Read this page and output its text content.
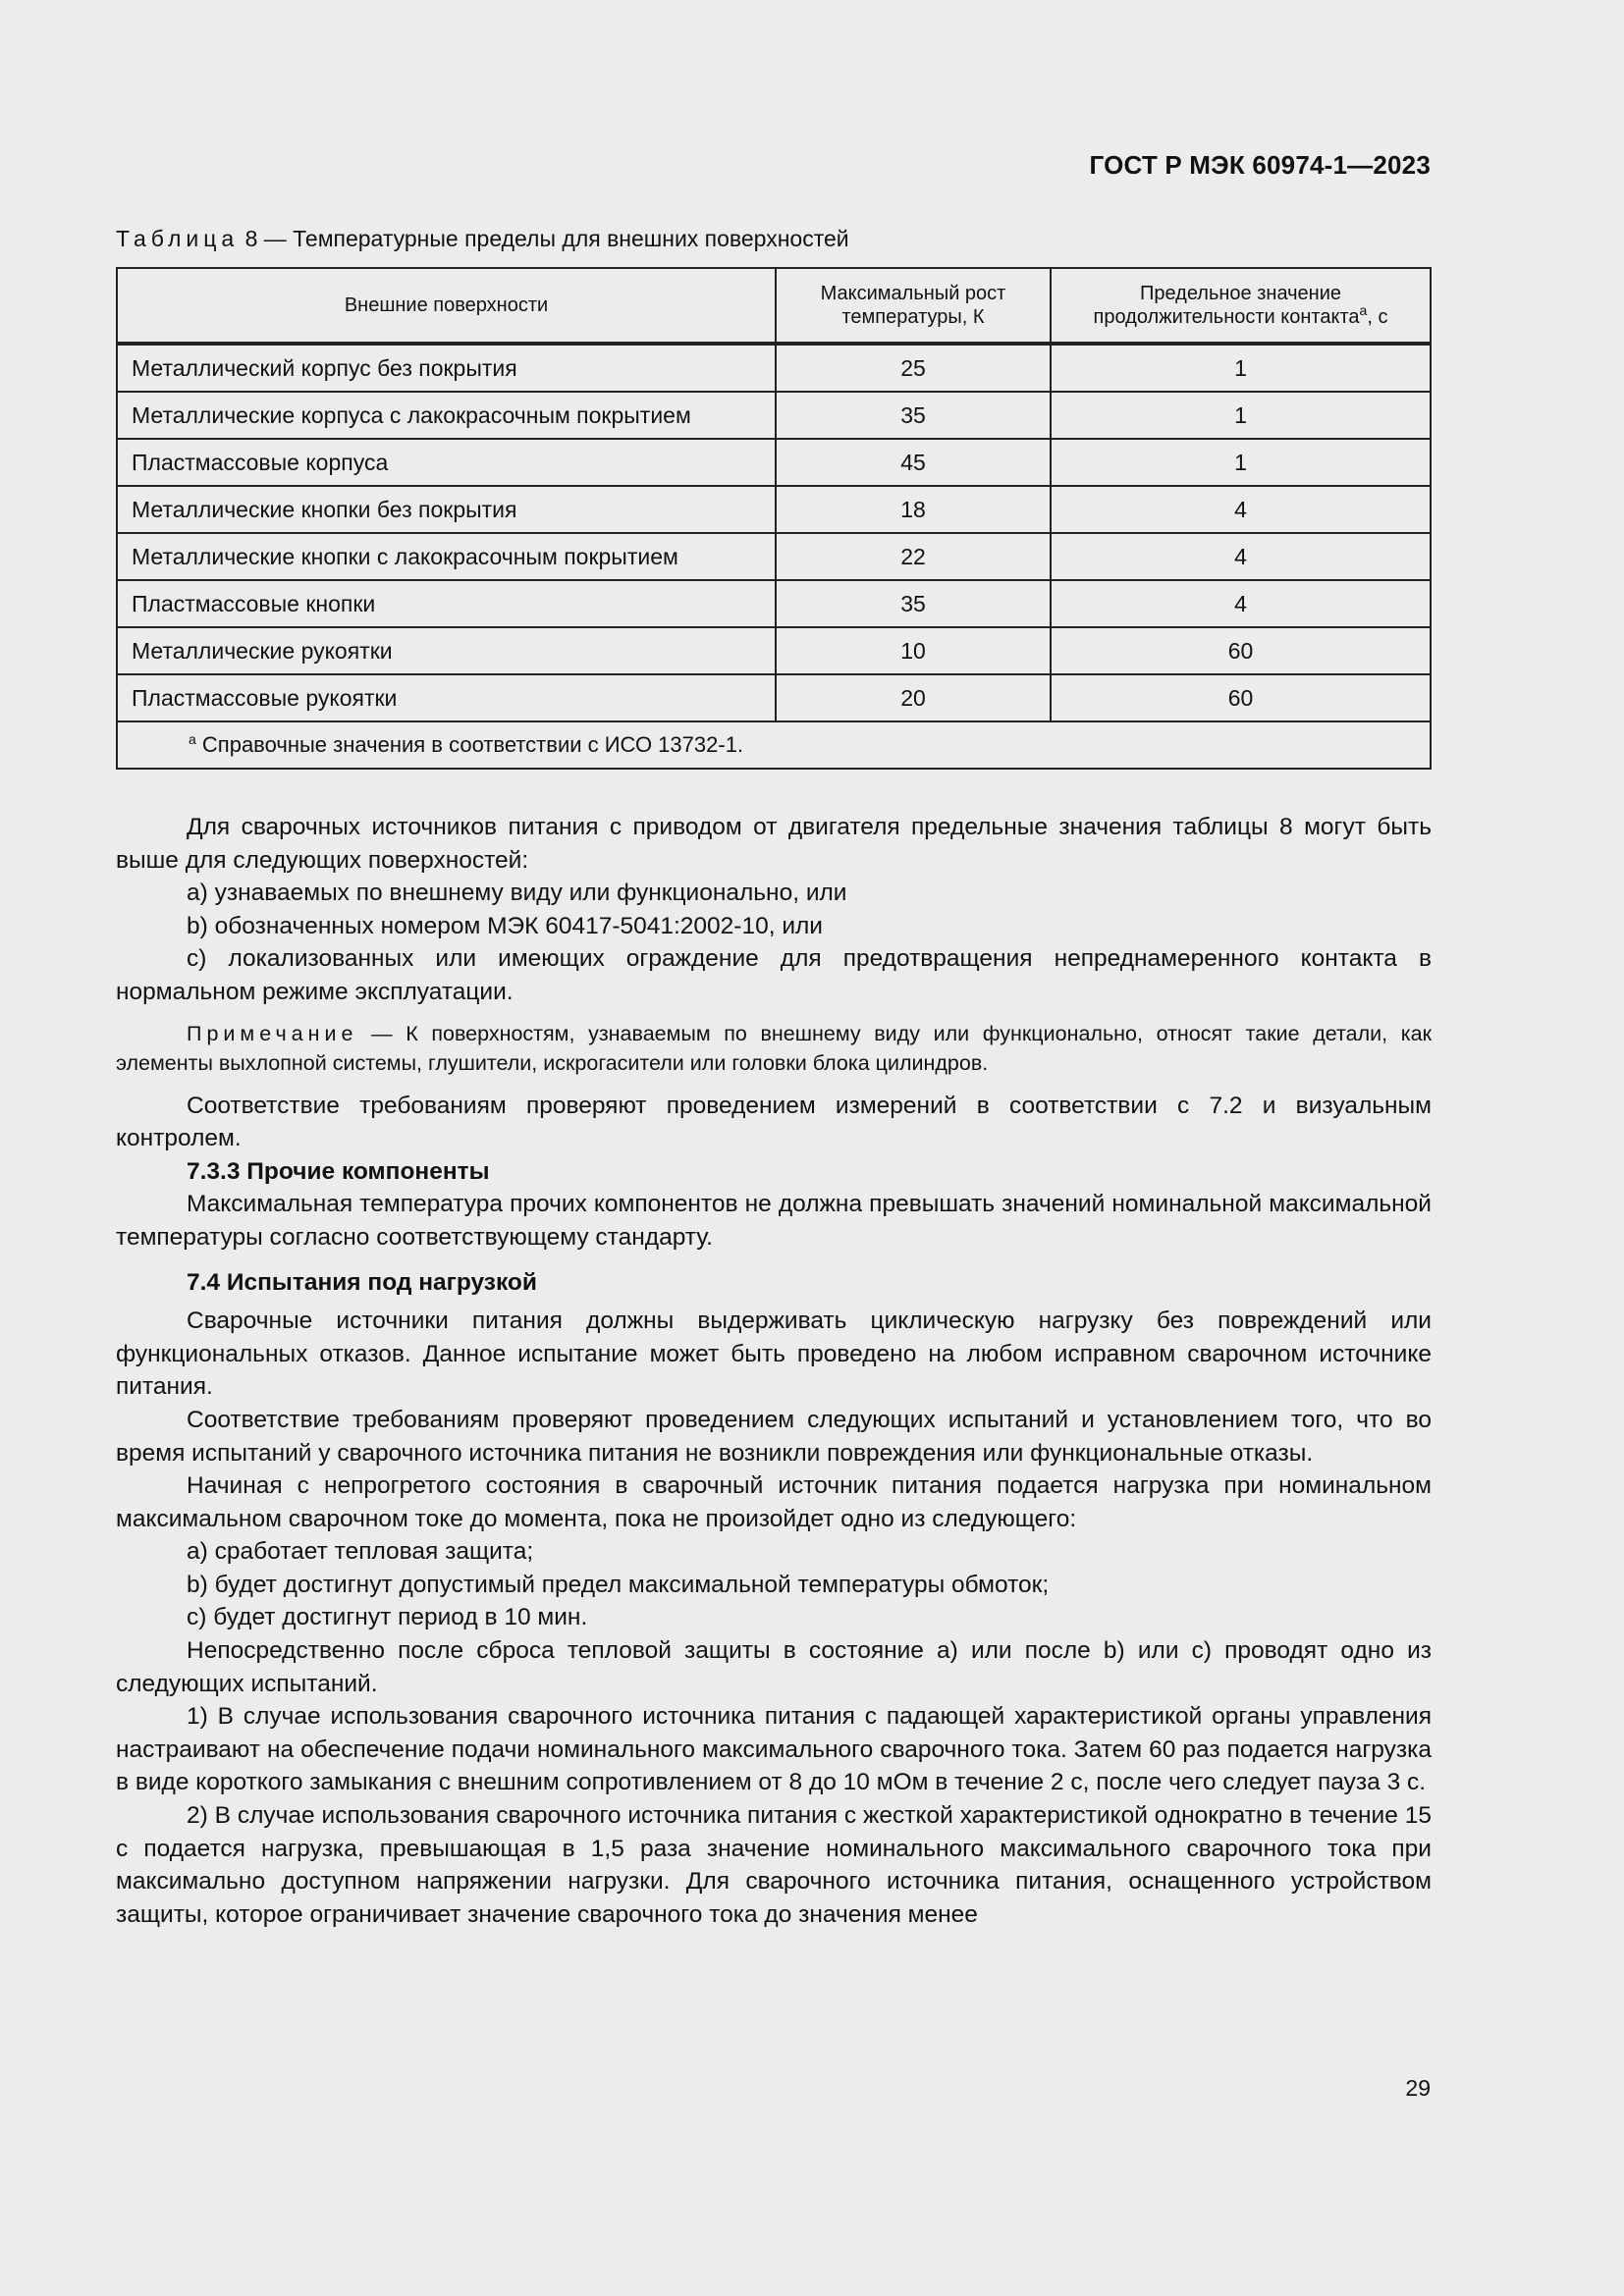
ГОСТ Р МЭК 60974-1—2023
Таблица 8 — Температурные пределы для внешних поверхностей
Внешние поверхности	Максимальный рост температуры, К	Предельное значение продолжительности контакта$^a$, с
Металлический корпус без покрытия	25	1
Металлические корпуса с лакокрасочным покрытием	35	1
Пластмассовые корпуса	45	1
Металлические кнопки без покрытия	18	4
Металлические кнопки с лакокрасочным покрытием	22	4
Пластмассовые кнопки	35	4
Металлические рукоятки	10	60
Пластмассовые рукоятки	20	60
$^a$ Справочные значения в соответствии с ИСО 13732-1.		

Для сварочных источников питания с приводом от двигателя предельные значения таблицы 8 могут быть выше для следующих поверхностей:

a) узнаваемых по внешнему виду или функционально, или

b) обозначенных номером МЭК 60417-5041:2002-10, или

c) локализованных или имеющих ограждение для предотвращения непреднамеренного контакта в нормальном режиме эксплуатации.

Примечание — К поверхностям, узнаваемым по внешнему виду или функционально, относят такие детали, как элементы выхлопной системы, глушители, искрогасители или головки блока цилиндров.

Соответствие требованиям проверяют проведением измерений в соответствии с 7.2 и визуальным контролем.

7.3.3 Прочие компоненты

Максимальная температура прочих компонентов не должна превышать значений номинальной максимальной температуры согласно соответствующему стандарту.

7.4 Испытания под нагрузкой

Сварочные источники питания должны выдерживать циклическую нагрузку без повреждений или функциональных отказов. Данное испытание может быть проведено на любом исправном сварочном источнике питания.

Соответствие требованиям проверяют проведением следующих испытаний и установлением того, что во время испытаний у сварочного источника питания не возникли повреждения или функциональные отказы.

Начиная с непрогретого состояния в сварочный источник питания подается нагрузка при номинальном максимальном сварочном токе до момента, пока не произойдет одно из следующего:

a) сработает тепловая защита;

b) будет достигнут допустимый предел максимальной температуры обмоток;

c) будет достигнут период в 10 мин.

Непосредственно после сброса тепловой защиты в состояние a) или после b) или c) проводят одно из следующих испытаний.

1) В случае использования сварочного источника питания с падающей характеристикой органы управления настраивают на обеспечение подачи номинального максимального сварочного тока. Затем 60 раз подается нагрузка в виде короткого замыкания с внешним сопротивлением от 8 до 10 мОм в течение 2 с, после чего следует пауза 3 с.

2) В случае использования сварочного источника питания с жесткой характеристикой однократно в течение 15 с подается нагрузка, превышающая в 1,5 раза значение номинального максимального сварочного тока при максимально доступном напряжении нагрузки. Для сварочного источника питания, оснащенного устройством защиты, которое ограничивает значение сварочного тока до значения менее

29
